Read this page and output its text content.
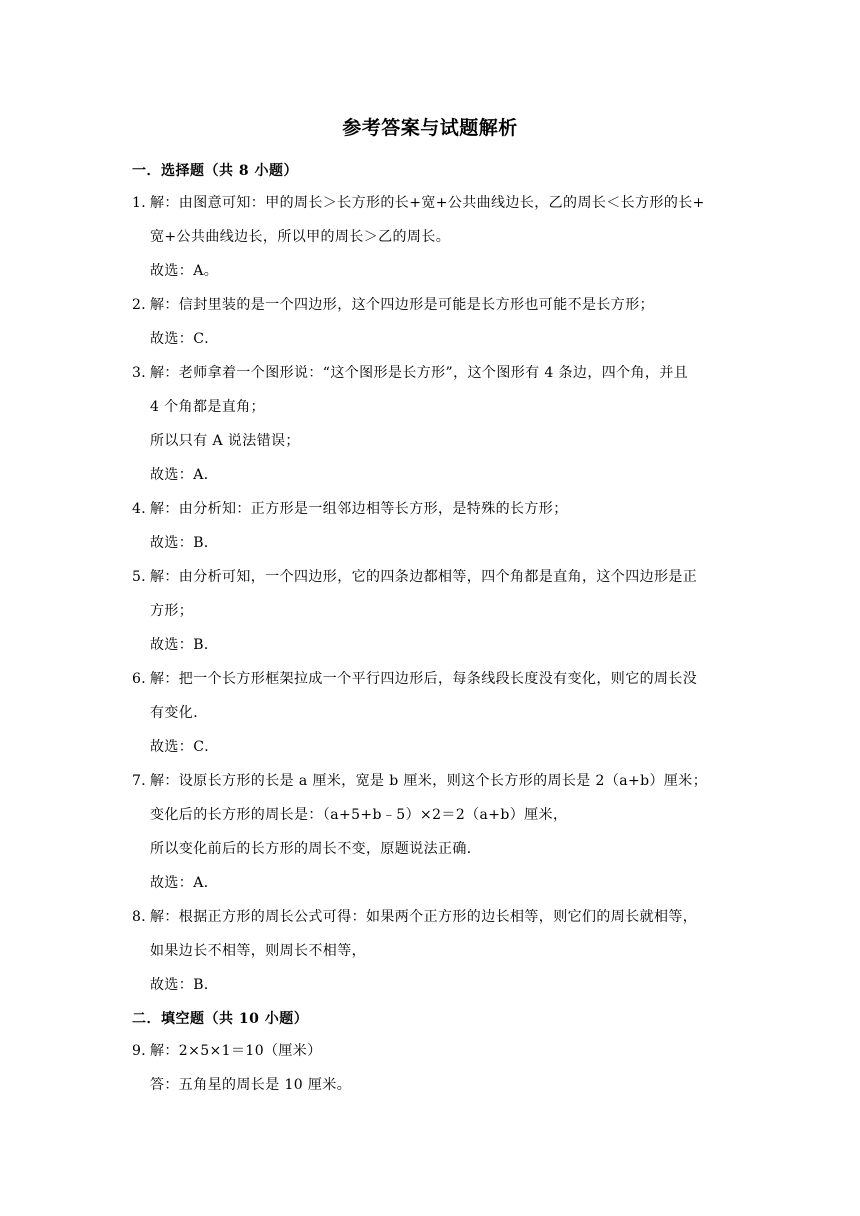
参考答案与试题解析
一．选择题（共 8 小题）
1．解：由图意可知：甲的周长＞长方形的长+宽+公共曲线边长，乙的周长＜长方形的长+
宽+公共曲线边长，所以甲的周长＞乙的周长。
故选：A。
2．解：信封里装的是一个四边形，这个四边形是可能是长方形也可能不是长方形；
故选：C．
3．解：老师拿着一个图形说：“这个图形是长方形”，这个图形有 4 条边，四个角，并且
4 个角都是直角；
所以只有 A 说法错误；
故选：A．
4．解：由分析知：正方形是一组邻边相等长方形，是特殊的长方形；
故选：B．
5．解：由分析可知，一个四边形，它的四条边都相等，四个角都是直角，这个四边形是正
方形；
故选：B．
6．解：把一个长方形框架拉成一个平行四边形后，每条线段长度没有变化，则它的周长没
有变化．
故选：C．
7．解：设原长方形的长是 a 厘米，宽是 b 厘米，则这个长方形的周长是 2（a+b）厘米；
变化后的长方形的周长是：（a+5+b﹣5）×2＝2（a+b）厘米，
所以变化前后的长方形的周长不变，原题说法正确．
故选：A．
8．解：根据正方形的周长公式可得：如果两个正方形的边长相等，则它们的周长就相等，
如果边长不相等，则周长不相等，
故选：B．
二．填空题（共 10 小题）
9．解：2×5×1＝10（厘米）
答：五角星的周长是 10 厘米。
